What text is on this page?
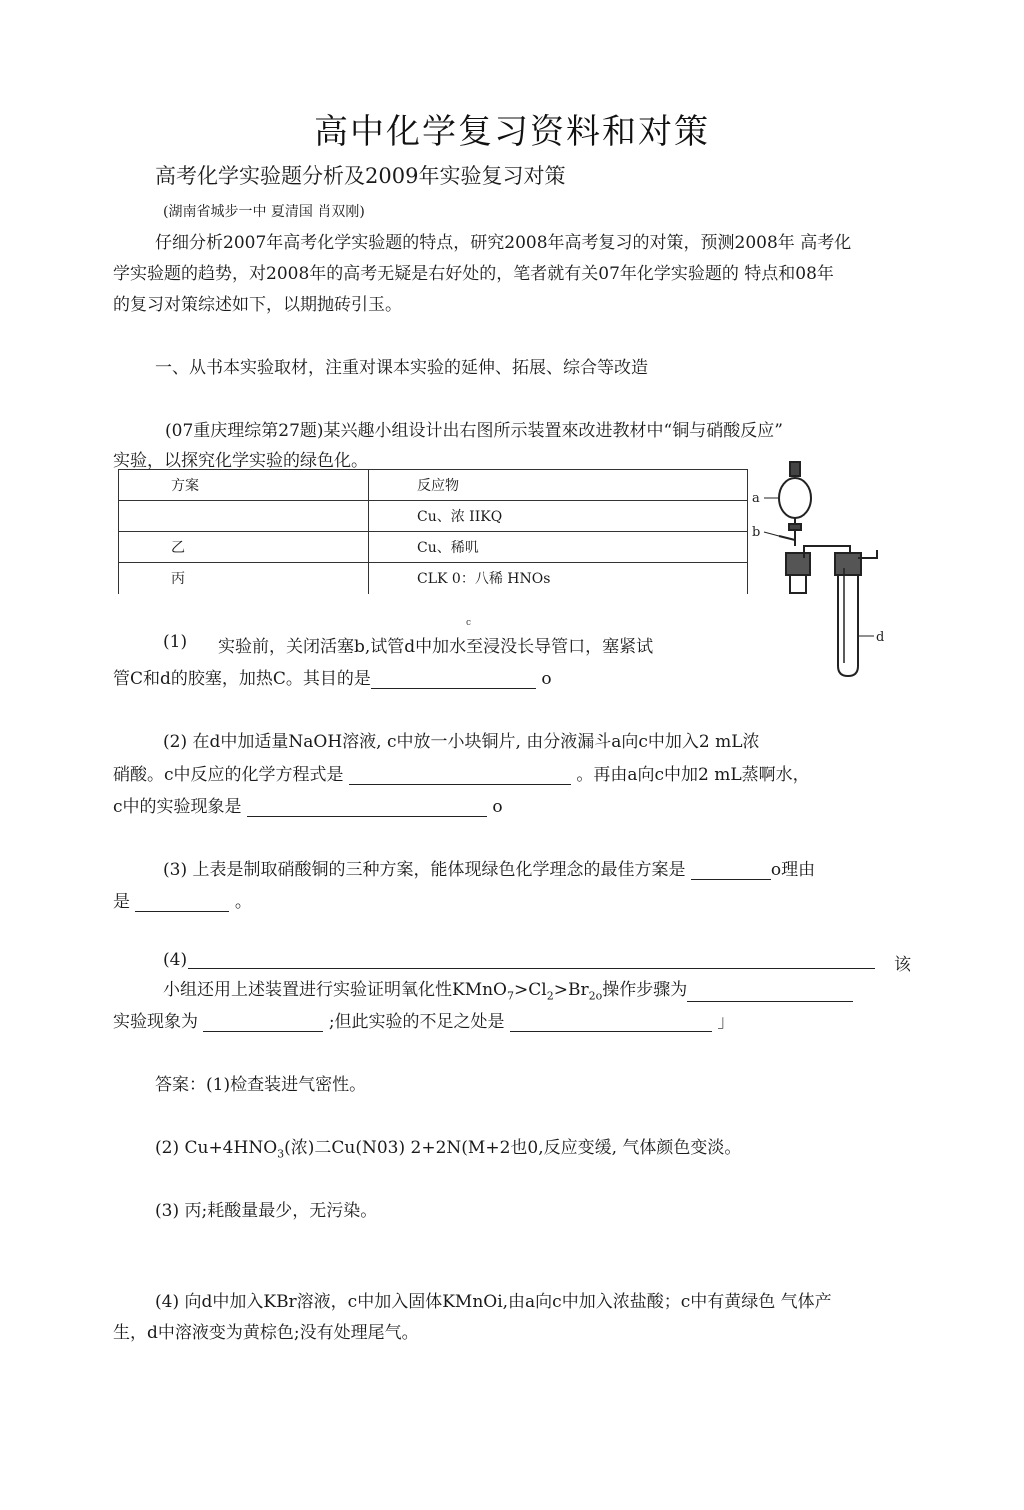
高中化学复习资料和对策
高考化学实验题分析及2009年实验复习对策
(湖南省城步一中 夏清国 肖双刚)
仔细分析2007年高考化学实验题的特点，研究2008年高考复习的对策，预测2008年 高考化
学实验题的趋势，对2008年的高考无疑是右好处的，笔者就有关07年化学实验题的 特点和08年
的复习对策综述如下，以期抛砖引玉。
一、从书本实验取材，注重对课本实验的延伸、拓展、综合等改造
(07重庆理综第27题)某兴趣小组设计出右图所示装置來改进教材中“铜与硝酸反应”
实验，以探究化学实验的绿色化。
方案	反应物
	Cu、浓 IIKQ
乙	Cu、稀叽
丙	CLK 0：八稀 HNOs
a
b
d
c
(1) 实验前，关闭活塞b,试管d中加水至浸没长导管口，塞紧试
管C和d的胶塞，加热C。其目的是	o
(2) 在d中加适量NaOH溶液, c中放一小块铜片, 由分液漏斗a向c中加入2 mL浓
硝酸。c中反应的化学方程式是	。再由a向c中加2 mL蒸啊水，
c中的实验现象是	o
(3) 上表是制取硝酸铜的三种方案，能体现绿色化学理念的最佳方案是	o理由
是	。
(4)	该
小组还用上述装置进行实验证明氧化性$KMnO_7>Cl_2>Br_{2o}$操作步骤为
实验现象为	;但此实验的不足之处是	」
答案：(1)检查装进气密性。
(2) $Cu+4HNO_3$(浓)二Cu(N03) 2+2N(M+2也0,反应变缓, 气体颜色变淡。
(3) 丙;耗酸量最少，无污染。
(4) 向d中加入KBr溶液，c中加入固体KMnOi,由a向c中加入浓盐酸；c中有黄绿色 气体产
生，d中溶液变为黄棕色;没有处理尾气。
